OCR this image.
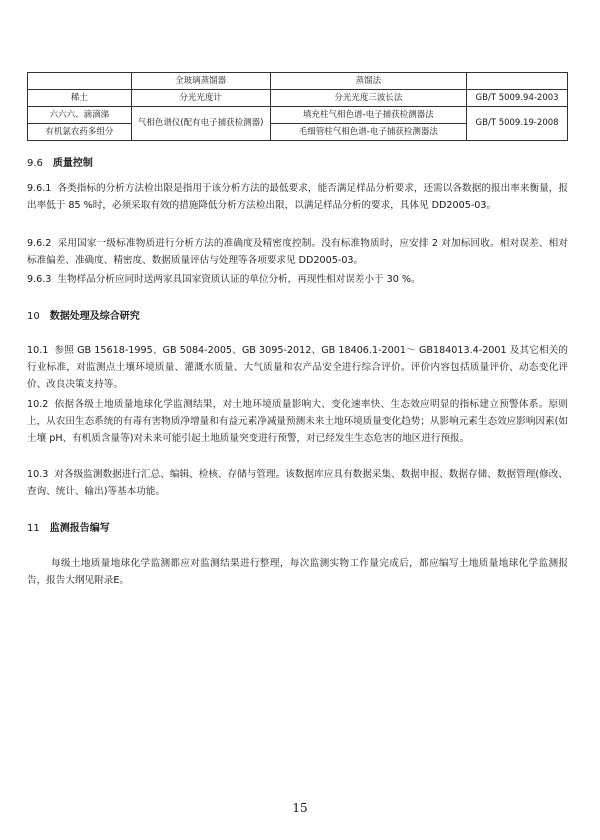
	全玻璃蒸馏器	蒸馏法	
稀土	分光光度计	分光光度三波长法	GB/T 5009.94-2003
六六六、滴滴涕	气相色谱仪(配有电子捕获检测器)	填充柱气相色谱-电子捕获检测器法	GB/T 5009.19-2008
有机氯农药多组分		毛细管柱气相色谱-电子捕获检测器法	
9.6 质量控制
9.6.1 各类指标的分析方法检出限是指用于该分析方法的最低要求，能否满足样品分析要求，还需以各数据的报出率来衡量，报出率低于 85 %时，必须采取有效的措施降低分析方法检出限，以满足样品分析的要求，具体见 DD2005-03。
9.6.2 采用国家一级标准物质进行分析方法的准确度及精密度控制。没有标准物质时，应安排 2 对加标回收。相对误差、相对标准偏差、准确度、精密度、数据质量评估与处理等各项要求见 DD2005-03。
9.6.3 生物样品分析应同时送两家具国家资质认证的单位分析，再现性相对误差小于 30 %。
10 数据处理及综合研究
10.1 参照 GB 15618-1995、GB 5084-2005、GB 3095-2012、GB 18406.1-2001～ GB184013.4-2001 及其它相关的行业标准，对监测点土壤环境质量、灌溉水质量、大气质量和农产品安全进行综合评价。评价内容包括质量评价、动态变化评价、改良决策支持等。
10.2 依据各级土地质量地球化学监测结果，对土地环境质量影响大、变化速率快、生态效应明显的指标建立预警体系。原则上，从农田生态系统的有毒有害物质净增量和有益元素净减量预测未来土地环境质量变化趋势；从影响元素生态效应影响因素(如土壤 pH、有机质含量等)对未来可能引起土地质量突变进行预警，对已经发生生态危害的地区进行预报。
10.3 对各级监测数据进行汇总、编辑、检核、存储与管理。该数据库应具有数据采集、数据申报、数据存储、数据管理(修改、查询、统计、输出)等基本功能。
11 监测报告编写
每级土地质量地球化学监测都应对监测结果进行整理，每次监测实物工作量完成后，都应编写土地质量地球化学监测报告，报告大纲见附录E。
15
